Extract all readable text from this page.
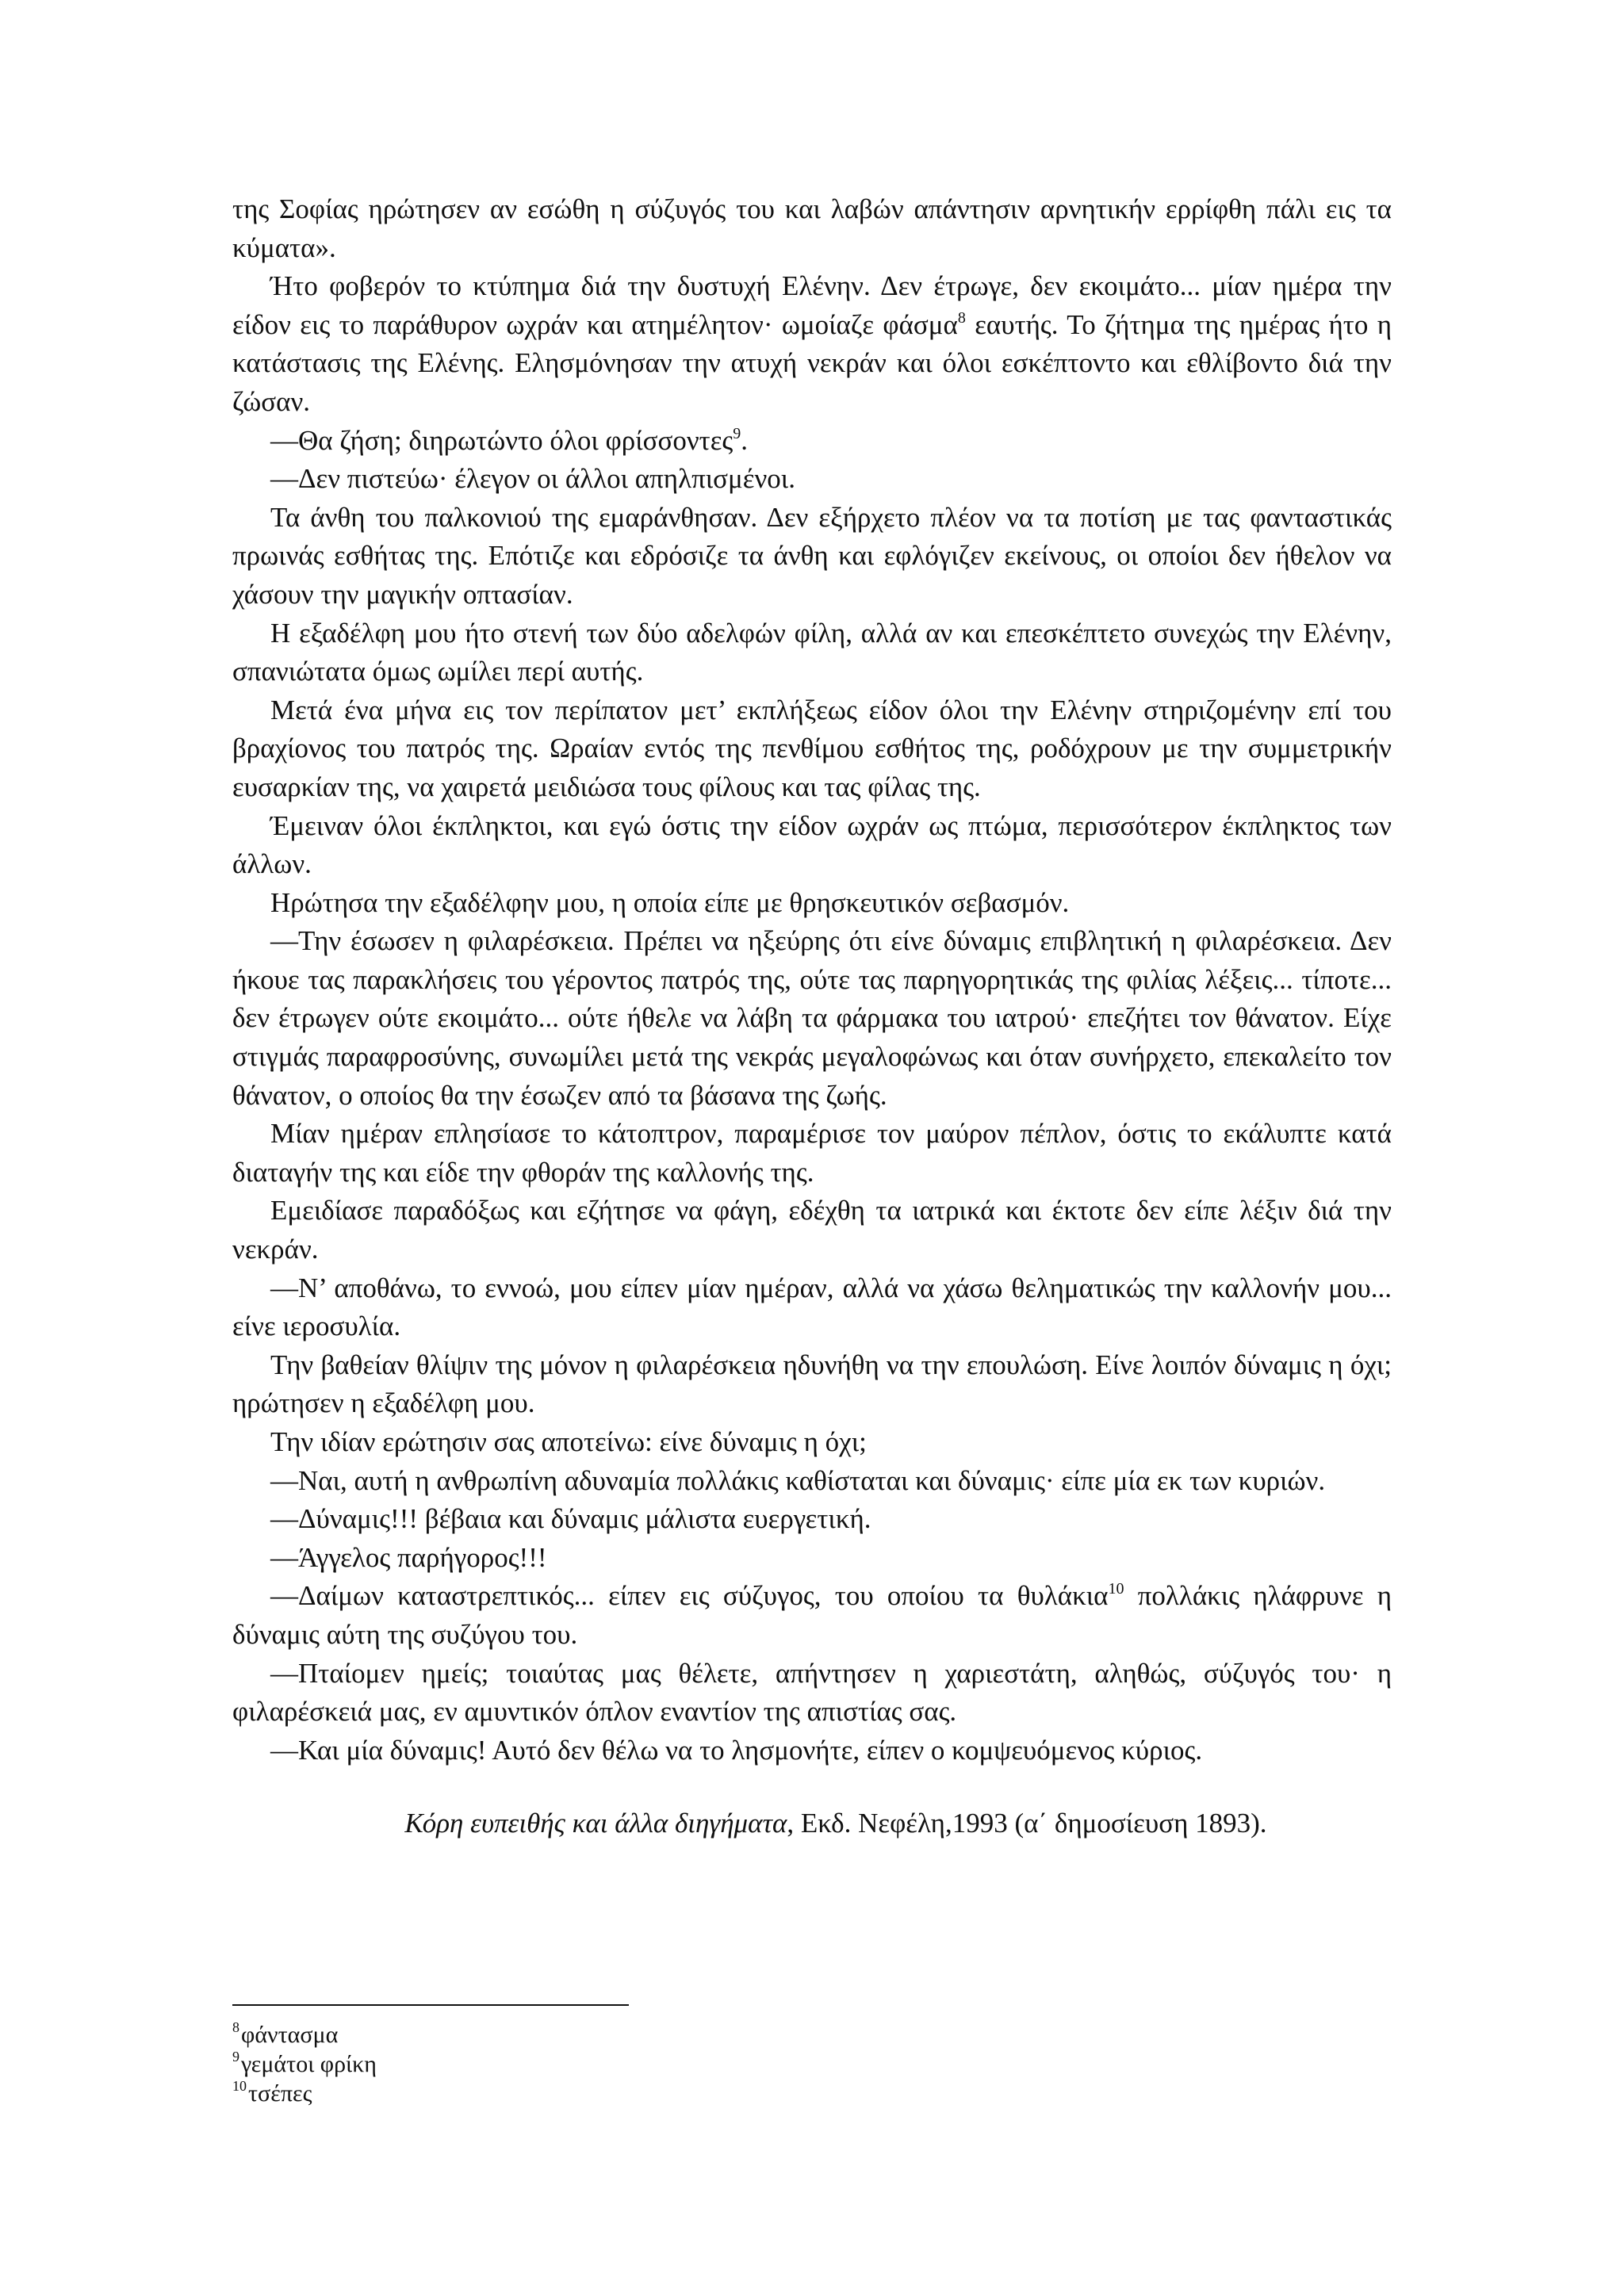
της Σοφίας ηρώτησεν αν εσώθη η σύζυγός του και λαβών απάντησιν αρνητικήν ερρίφθη πάλι εις τα κύματα».

Ήτο φοβερόν το κτύπημα διά την δυστυχή Ελένην. Δεν έτρωγε, δεν εκοιμάτο... μίαν ημέρα την είδον εις το παράθυρον ωχράν και ατημέλητον· ωμοίαζε φάσμα$^8$ εαυτής. Το ζήτημα της ημέρας ήτο η κατάστασις της Ελένης. Ελησμόνησαν την ατυχή νεκράν και όλοι εσκέπτοντο και εθλίβοντο διά την ζώσαν.

—Θα ζήση; διηρωτώντο όλοι φρίσσοντες$^9$.

—Δεν πιστεύω· έλεγον οι άλλοι απηλπισμένοι.

Τα άνθη του παλκονιού της εμαράνθησαν. Δεν εξήρχετο πλέον να τα ποτίση με τας φανταστικάς πρωινάς εσθήτας της. Επότιζε και εδρόσιζε τα άνθη και εφλόγιζεν εκείνους, οι οποίοι δεν ήθελον να χάσουν την μαγικήν οπτασίαν.

Η εξαδέλφη μου ήτο στενή των δύο αδελφών φίλη, αλλά αν και επεσκέπτετο συνεχώς την Ελένην, σπανιώτατα όμως ωμίλει περί αυτής.

Μετά ένα μήνα εις τον περίπατον μετ’ εκπλήξεως είδον όλοι την Ελένην στηριζομένην επί του βραχίονος του πατρός της. Ωραίαν εντός της πενθίμου εσθήτος της, ροδόχρουν με την συμμετρικήν ευσαρκίαν της, να χαιρετά μειδιώσα τους φίλους και τας φίλας της.

Έμειναν όλοι έκπληκτοι, και εγώ όστις την είδον ωχράν ως πτώμα, περισσότερον έκπληκτος των άλλων.

Ηρώτησα την εξαδέλφην μου, η οποία είπε με θρησκευτικόν σεβασμόν.

—Την έσωσεν η φιλαρέσκεια. Πρέπει να ηξεύρης ότι είνε δύναμις επιβλητική η φιλαρέσκεια. Δεν ήκουε τας παρακλήσεις του γέροντος πατρός της, ούτε τας παρηγορητικάς της φιλίας λέξεις... τίποτε... δεν έτρωγεν ούτε εκοιμάτο... ούτε ήθελε να λάβη τα φάρμακα του ιατρού· επεζήτει τον θάνατον. Είχε στιγμάς παραφροσύνης, συνωμίλει μετά της νεκράς μεγαλοφώνως και όταν συνήρχετο, επεκαλείτο τον θάνατον, ο οποίος θα την έσωζεν από τα βάσανα της ζωής.

Μίαν ημέραν επλησίασε το κάτοπτρον, παραμέρισε τον μαύρον πέπλον, όστις το εκάλυπτε κατά διαταγήν της και είδε την φθοράν της καλλονής της.

Εμειδίασε παραδόξως και εζήτησε να φάγη, εδέχθη τα ιατρικά και έκτοτε δεν είπε λέξιν διά την νεκράν.

—Ν’ αποθάνω, το εννοώ, μου είπεν μίαν ημέραν, αλλά να χάσω θεληματικώς την καλλονήν μου... είνε ιεροσυλία.

Την βαθείαν θλίψιν της μόνον η φιλαρέσκεια ηδυνήθη να την επουλώση. Είνε λοιπόν δύναμις η όχι; ηρώτησεν η εξαδέλφη μου.

Την ιδίαν ερώτησιν σας αποτείνω: είνε δύναμις η όχι;

—Ναι, αυτή η ανθρωπίνη αδυναμία πολλάκις καθίσταται και δύναμις· είπε μία εκ των κυριών.

—Δύναμις!!! βέβαια και δύναμις μάλιστα ευεργετική.

—Άγγελος παρήγορος!!!

—Δαίμων καταστρεπτικός... είπεν εις σύζυγος, του οποίου τα θυλάκια$^{10}$ πολλάκις ηλάφρυνε η δύναμις αύτη της συζύγου του.

—Πταίομεν ημείς; τοιαύτας μας θέλετε, απήντησεν η χαριεστάτη, αληθώς, σύζυγός του· η φιλαρέσκειά μας, εν αμυντικόν όπλον εναντίον της απιστίας σας.

—Και μία δύναμις! Αυτό δεν θέλω να το λησμονήτε, είπεν ο κομψευόμενος κύριος.

Κόρη ευπειθής και άλλα διηγήματα, Εκδ. Νεφέλη,1993 (α΄ δημοσίευση 1893).
$^8$φάντασμα
$^9$γεμάτοι φρίκη
$^{10}$τσέπες
